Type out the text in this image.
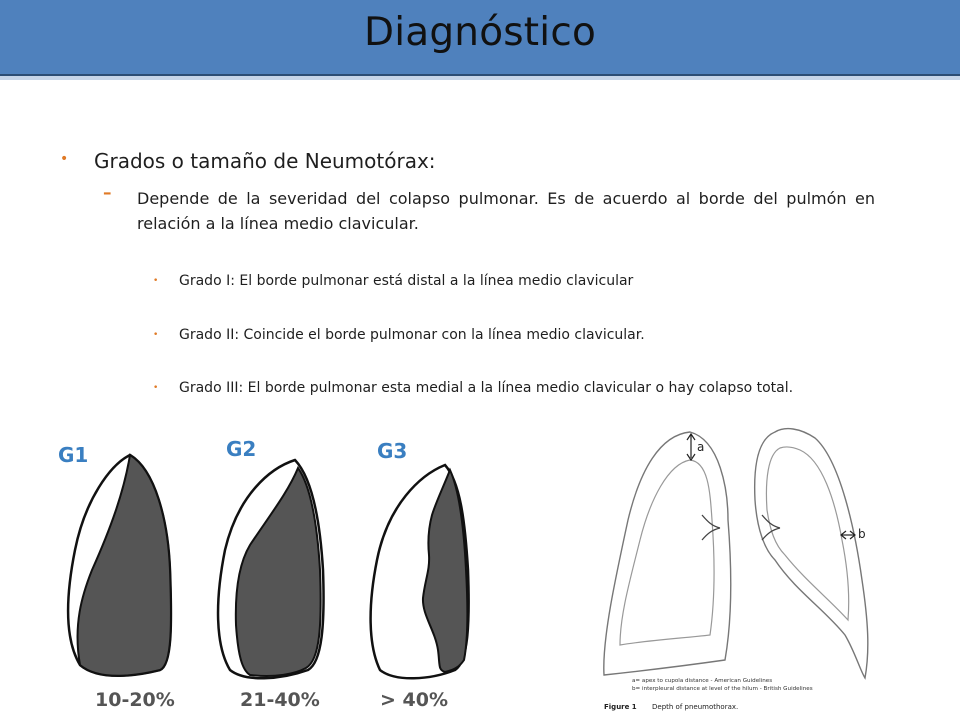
Diagnóstico
• Grados o tamaño de Neumotórax:
– Depende de la severidad del colapso pulmonar. Es de acuerdo al borde del pulmón en relación a la línea medio clavicular.
• Grado I: El borde pulmonar está distal a la línea medio clavicular
• Grado II: Coincide el borde pulmonar con la línea medio clavicular.
• Grado III: El borde pulmonar esta medial a la línea medio clavicular o hay colapso total.
G1
10-20%
G2
21-40%
G3
> 40%
a
b
a= apex to cupola distance - American Guidelines
b= interpleural distance at level of the hilum - British Guidelines
Figure 1 Depth of pneumothorax.
